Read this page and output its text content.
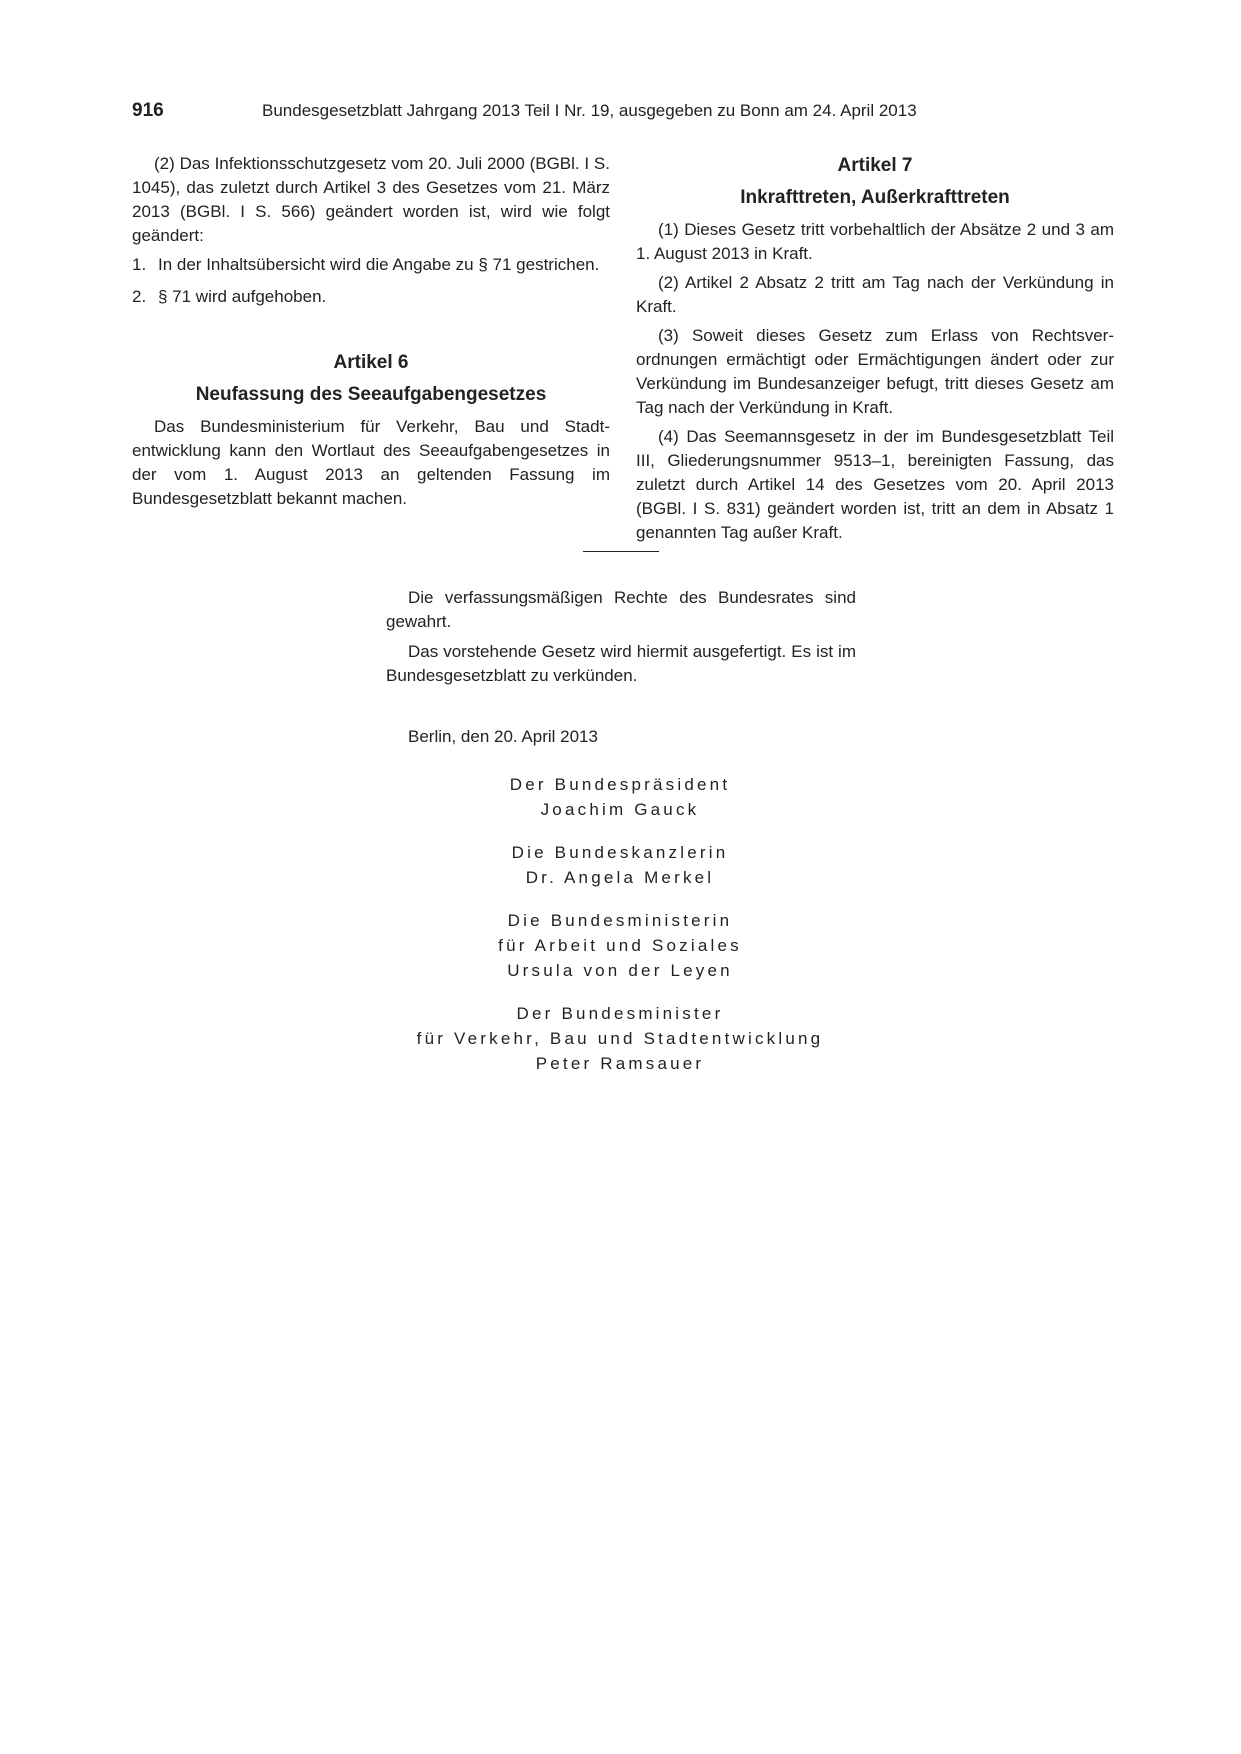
916	Bundesgesetzblatt Jahrgang 2013 Teil I Nr. 19, ausgegeben zu Bonn am 24. April 2013

(2) Das Infektionsschutzgesetz vom 20. Juli 2000 (BGBl. I S. 1045), das zuletzt durch Artikel 3 des Gesetzes vom 21. März 2013 (BGBl. I S. 566) geändert worden ist, wird wie folgt geändert:

1. In der Inhaltsübersicht wird die Angabe zu § 71 gestrichen.
2. § 71 wird aufgehoben.
Artikel 6
Neufassung des Seeaufgabengesetzes

Das Bundesministerium für Verkehr, Bau und Stadtentwicklung kann den Wortlaut des Seeaufgabengesetzes in der vom 1. August 2013 an geltenden Fassung im Bundesgesetzblatt bekannt machen.

Artikel 7
Inkrafttreten, Außerkrafttreten

(1) Dieses Gesetz tritt vorbehaltlich der Absätze 2 und 3 am 1. August 2013 in Kraft.

(2) Artikel 2 Absatz 2 tritt am Tag nach der Verkündung in Kraft.

(3) Soweit dieses Gesetz zum Erlass von Rechtsverordnungen ermächtigt oder Ermächtigungen ändert oder zur Verkündung im Bundesanzeiger befugt, tritt dieses Gesetz am Tag nach der Verkündung in Kraft.

(4) Das Seemannsgesetz in der im Bundesgesetzblatt Teil III, Gliederungsnummer 9513–1, bereinigten Fassung, das zuletzt durch Artikel 14 des Gesetzes vom 20. April 2013 (BGBl. I S. 831) geändert worden ist, tritt an dem in Absatz 1 genannten Tag außer Kraft.

Die verfassungsmäßigen Rechte des Bundesrates sind gewahrt.

Das vorstehende Gesetz wird hiermit ausgefertigt. Es ist im Bundesgesetzblatt zu verkünden.

Berlin, den 20. April 2013
Der Bundespräsident
Joachim Gauck
Die Bundeskanzlerin
Dr. Angela Merkel
Die Bundesministerin
für Arbeit und Soziales
Ursula von der Leyen
Der Bundesminister
für Verkehr, Bau und Stadtentwicklung
Peter Ramsauer
